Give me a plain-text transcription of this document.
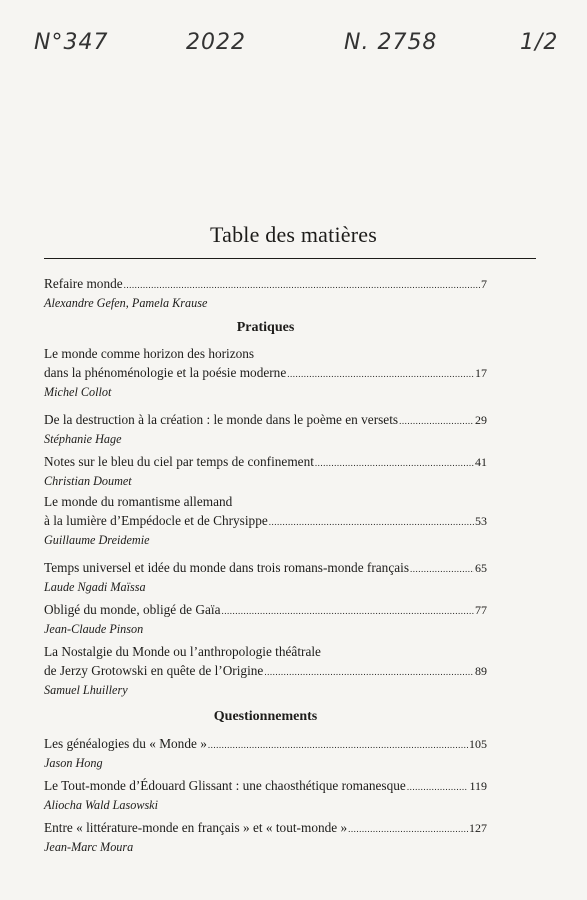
N°347	2022	N. 2758	1/2
Table des matières
Refaire monde .....	7
Alexandre Gefen, Pamela Krause
Pratiques
Le monde comme horizon des horizons
dans la phénoménologie et la poésie moderne .....	17
Michel Collot
De la destruction à la création : le monde dans le poème en versets .....	29
Stéphanie Hage
Notes sur le bleu du ciel par temps de confinement .....	41
Christian Doumet
Le monde du romantisme allemand
à la lumière d’Empédocle et de Chrysippe .....	53
Guillaume Dreidemie
Temps universel et idée du monde dans trois romans-monde français .....	65
Laude Ngadi Maïssa
Obligé du monde, obligé de Gaïa .....	77
Jean-Claude Pinson
La Nostalgie du Monde ou l’anthropologie théâtrale
de Jerzy Grotowski en quête de l’Origine .....	89
Samuel Lhuillery
Questionnements
Les généalogies du « Monde » .....	105
Jason Hong
Le Tout-monde d’Édouard Glissant : une chaosthétique romanesque .....	119
Aliocha Wald Lasowski
Entre « littérature-monde en français » et « tout-monde » .....	127
Jean-Marc Moura
